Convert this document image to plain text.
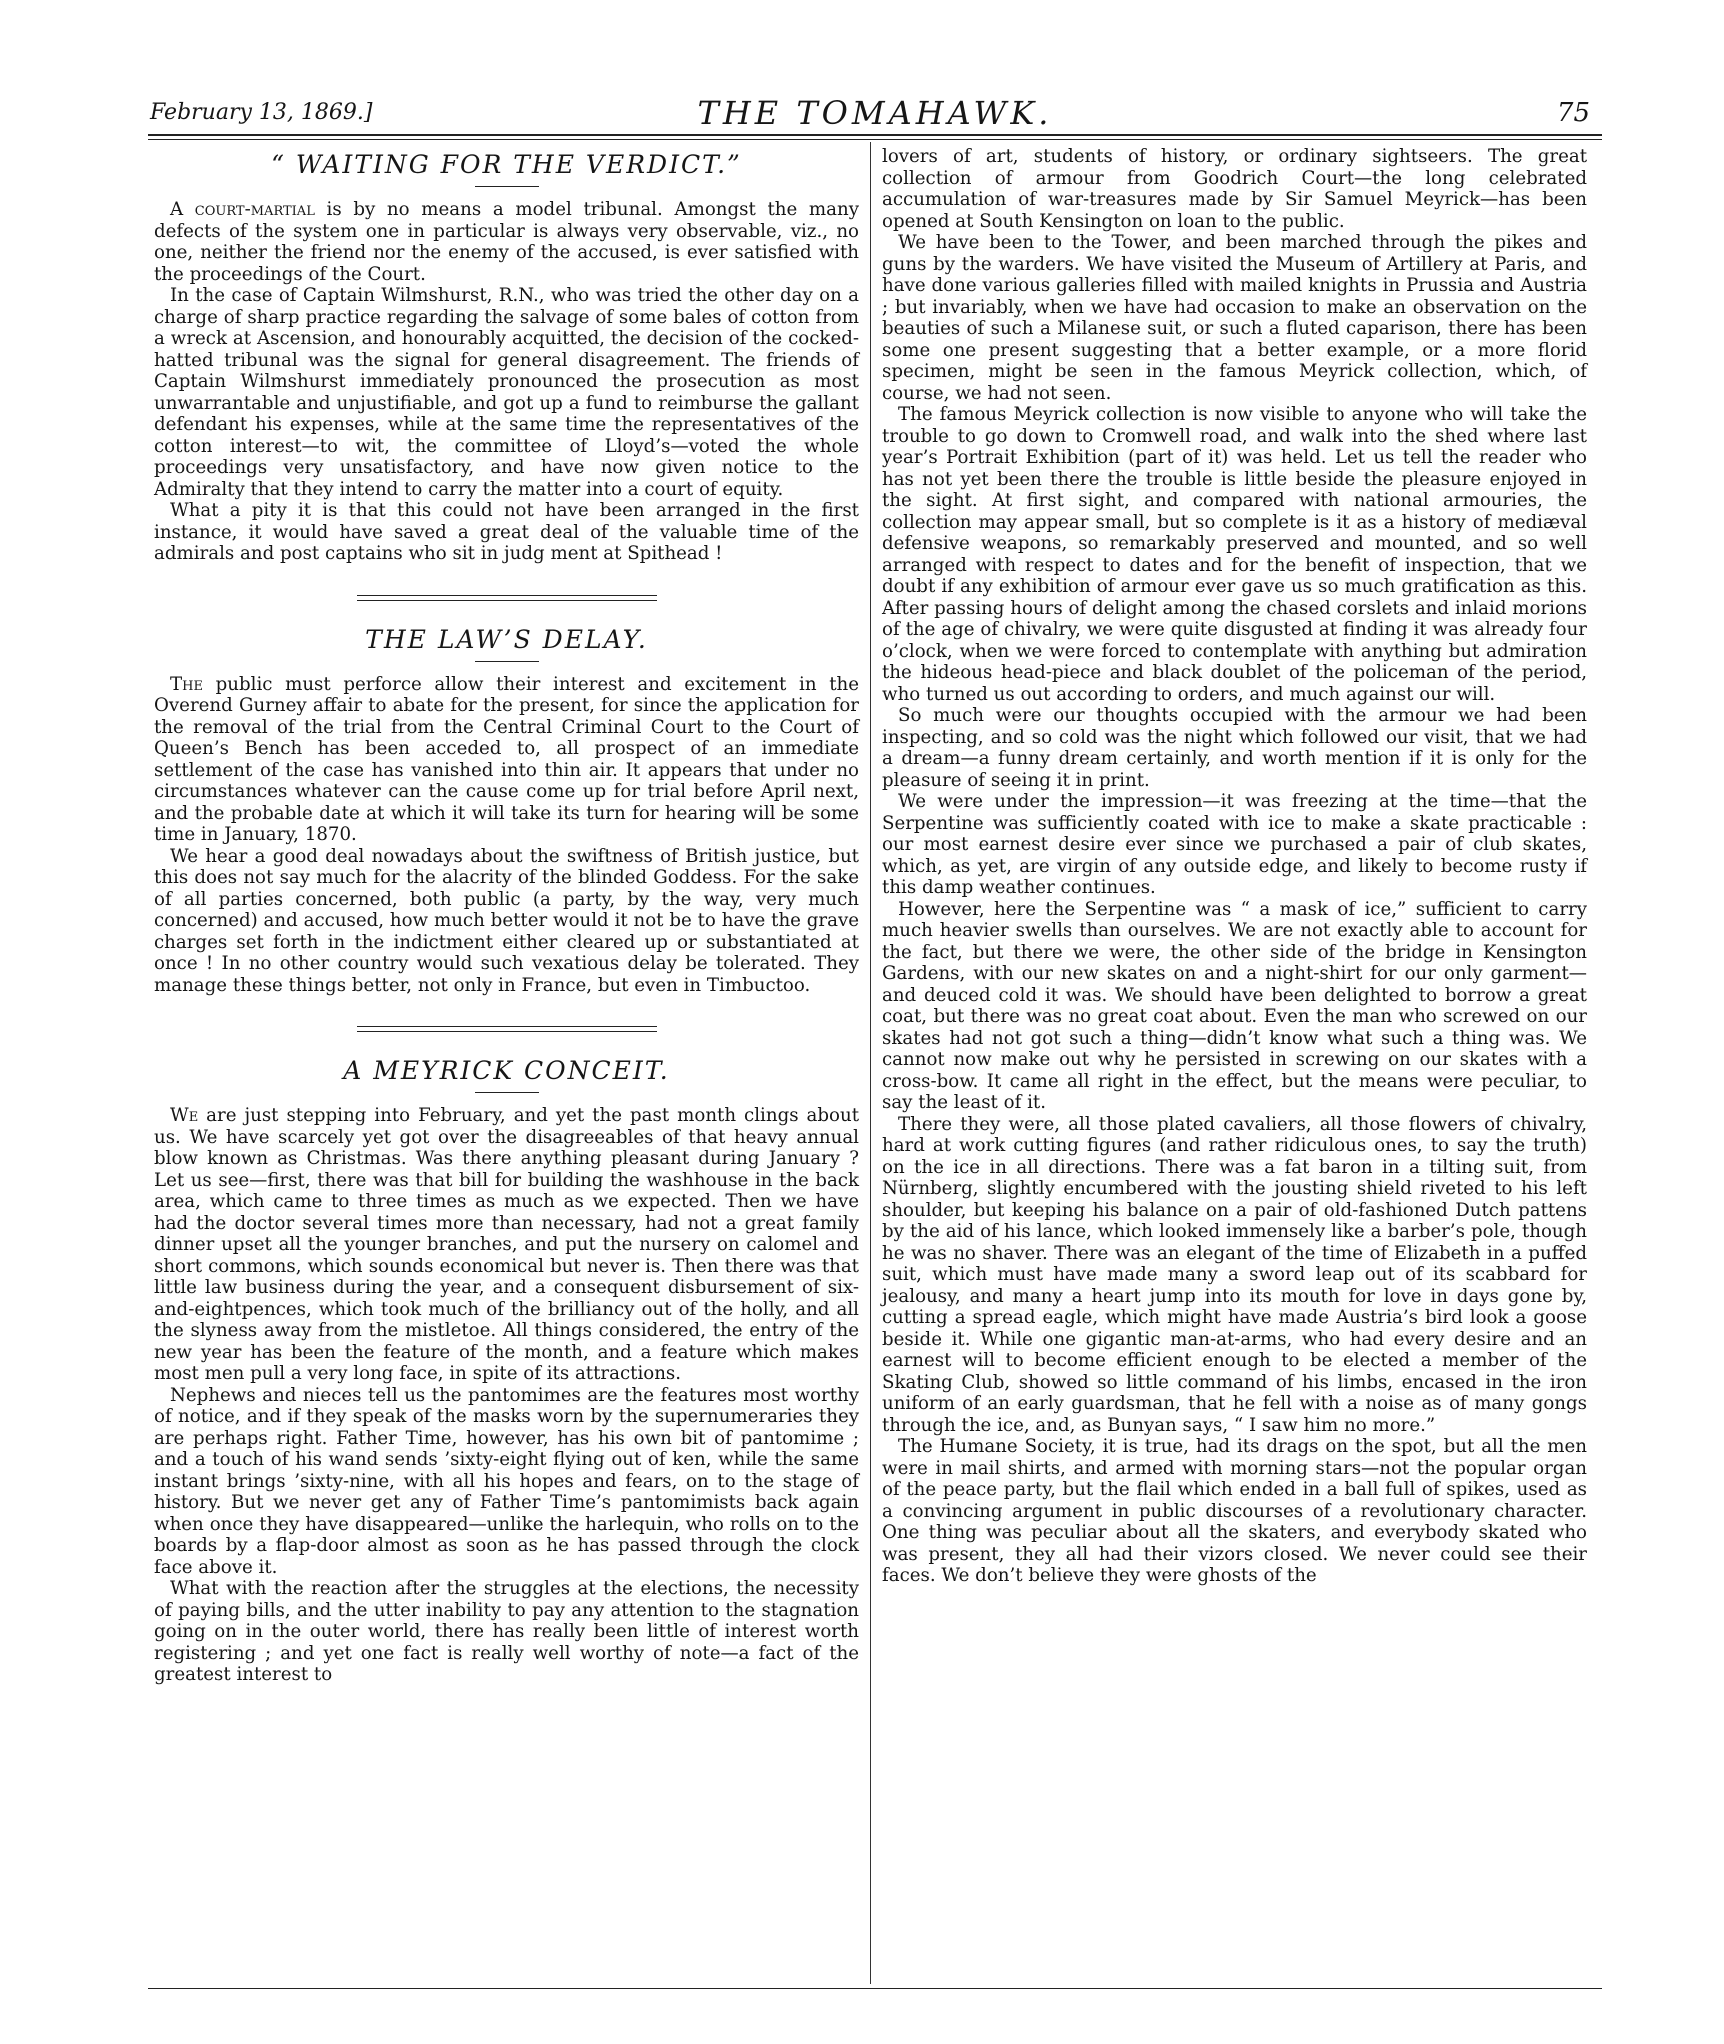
February 13, 1869.]	THE TOMAHAWK.	75
“ WAITING FOR THE VERDICT.”

A court-martial is by no means a model tribunal. Amongst the many defects of the system one in particular is always very observable, viz., no one, neither the friend nor the enemy of the accused, is ever satisfied with the proceedings of the Court.

In the case of Captain Wilmshurst, R.N., who was tried the other day on a charge of sharp practice regarding the salvage of some bales of cotton from a wreck at Ascension, and honourably acquitted, the decision of the cocked-hatted tribunal was the signal for general disagreement. The friends of Captain Wilmshurst immediately pronounced the prosecution as most unwarrantable and unjustifiable, and got up a fund to reimburse the gallant defendant his expenses, while at the same time the representatives of the cotton interest—to wit, the committee of Lloyd’s—voted the whole proceedings very unsatisfactory, and have now given notice to the Admiralty that they intend to carry the matter into a court of equity.

What a pity it is that this could not have been arranged in the first instance, it would have saved a great deal of the valuable time of the admirals and post captains who sit in judg ment at Spithead !

THE LAW’S DELAY.

The public must perforce allow their interest and excitement in the Overend Gurney affair to abate for the present, for since the application for the removal of the trial from the Central Criminal Court to the Court of Queen’s Bench has been acceded to, all prospect of an immediate settlement of the case has vanished into thin air. It appears that under no circumstances whatever can the cause come up for trial before April next, and the probable date at which it will take its turn for hearing will be some time in January, 1870.

We hear a good deal nowadays about the swiftness of British justice, but this does not say much for the alacrity of the blinded Goddess. For the sake of all parties concerned, both public (a party, by the way, very much concerned) and accused, how much better would it not be to have the grave charges set forth in the indictment either cleared up or substantiated at once ! In no other country would such vexatious delay be tolerated. They manage these things better, not only in France, but even in Timbuctoo.

A MEYRICK CONCEIT.

We are just stepping into February, and yet the past month clings about us. We have scarcely yet got over the disagreeables of that heavy annual blow known as Christmas. Was there anything pleasant during January ? Let us see—first, there was that bill for building the washhouse in the back area, which came to three times as much as we expected. Then we have had the doctor several times more than necessary, had not a great family dinner upset all the younger branches, and put the nursery on calomel and short commons, which sounds economical but never is. Then there was that little law business during the year, and a consequent disbursement of six-and-eightpences, which took much of the brilliancy out of the holly, and all the slyness away from the mistletoe. All things considered, the entry of the new year has been the feature of the month, and a feature which makes most men pull a very long face, in spite of its attractions.

Nephews and nieces tell us the pantomimes are the features most worthy of notice, and if they speak of the masks worn by the supernumeraries they are perhaps right. Father Time, however, has his own bit of pantomime ; and a touch of his wand sends ’sixty-eight flying out of ken, while the same instant brings ’sixty-nine, with all his hopes and fears, on to the stage of history. But we never get any of Father Time’s pantomimists back again when once they have disappeared—unlike the harlequin, who rolls on to the boards by a flap-door almost as soon as he has passed through the clock face above it.

What with the reaction after the struggles at the elections, the necessity of paying bills, and the utter inability to pay any attention to the stagnation going on in the outer world, there has really been little of interest worth registering ; and yet one fact is really well worthy of note—a fact of the greatest interest to

lovers of art, students of history, or ordinary sightseers. The great collection of armour from Goodrich Court—the long celebrated accumulation of war-treasures made by Sir Samuel Meyrick—has been opened at South Kensington on loan to the public.

We have been to the Tower, and been marched through the pikes and guns by the warders. We have visited the Museum of Artillery at Paris, and have done various galleries filled with mailed knights in Prussia and Austria ; but invariably, when we have had occasion to make an observation on the beauties of such a Milanese suit, or such a fluted caparison, there has been some one present suggesting that a better example, or a more florid specimen, might be seen in the famous Meyrick collection, which, of course, we had not seen.

The famous Meyrick collection is now visible to anyone who will take the trouble to go down to Cromwell road, and walk into the shed where last year’s Portrait Exhibition (part of it) was held. Let us tell the reader who has not yet been there the trouble is little beside the pleasure enjoyed in the sight. At first sight, and compared with national armouries, the collection may appear small, but so complete is it as a history of mediæval defensive weapons, so remarkably preserved and mounted, and so well arranged with respect to dates and for the benefit of inspection, that we doubt if any exhibition of armour ever gave us so much gratification as this. After passing hours of delight among the chased corslets and inlaid morions of the age of chivalry, we were quite disgusted at finding it was already four o’clock, when we were forced to contemplate with anything but admiration the hideous head-piece and black doublet of the policeman of the period, who turned us out according to orders, and much against our will.

So much were our thoughts occupied with the armour we had been inspecting, and so cold was the night which followed our visit, that we had a dream—a funny dream certainly, and worth mention if it is only for the pleasure of seeing it in print.

We were under the impression—it was freezing at the time—that the Serpentine was sufficiently coated with ice to make a skate practicable : our most earnest desire ever since we purchased a pair of club skates, which, as yet, are virgin of any outside edge, and likely to become rusty if this damp weather continues.

However, here the Serpentine was “ a mask of ice,” sufficient to carry much heavier swells than ourselves. We are not exactly able to account for the fact, but there we were, the other side of the bridge in Kensington Gardens, with our new skates on and a night-shirt for our only garment—and deuced cold it was. We should have been delighted to borrow a great coat, but there was no great coat about. Even the man who screwed on our skates had not got such a thing—didn’t know what such a thing was. We cannot now make out why he persisted in screwing on our skates with a cross-bow. It came all right in the effect, but the means were peculiar, to say the least of it.

There they were, all those plated cavaliers, all those flowers of chivalry, hard at work cutting figures (and rather ridiculous ones, to say the truth) on the ice in all directions. There was a fat baron in a tilting suit, from Nürnberg, slightly encumbered with the jousting shield riveted to his left shoulder, but keeping his balance on a pair of old-fashioned Dutch pattens by the aid of his lance, which looked immensely like a barber’s pole, though he was no shaver. There was an elegant of the time of Elizabeth in a puffed suit, which must have made many a sword leap out of its scabbard for jealousy, and many a heart jump into its mouth for love in days gone by, cutting a spread eagle, which might have made Austria’s bird look a goose beside it. While one gigantic man-at-arms, who had every desire and an earnest will to become efficient enough to be elected a member of the Skating Club, showed so little command of his limbs, encased in the iron uniform of an early guardsman, that he fell with a noise as of many gongs through the ice, and, as Bunyan says, “ I saw him no more.”

The Humane Society, it is true, had its drags on the spot, but all the men were in mail shirts, and armed with morning stars—not the popular organ of the peace party, but the flail which ended in a ball full of spikes, used as a convincing argument in public discourses of a revolutionary character. One thing was peculiar about all the skaters, and everybody skated who was present, they all had their vizors closed. We never could see their faces. We don’t believe they were ghosts of the
